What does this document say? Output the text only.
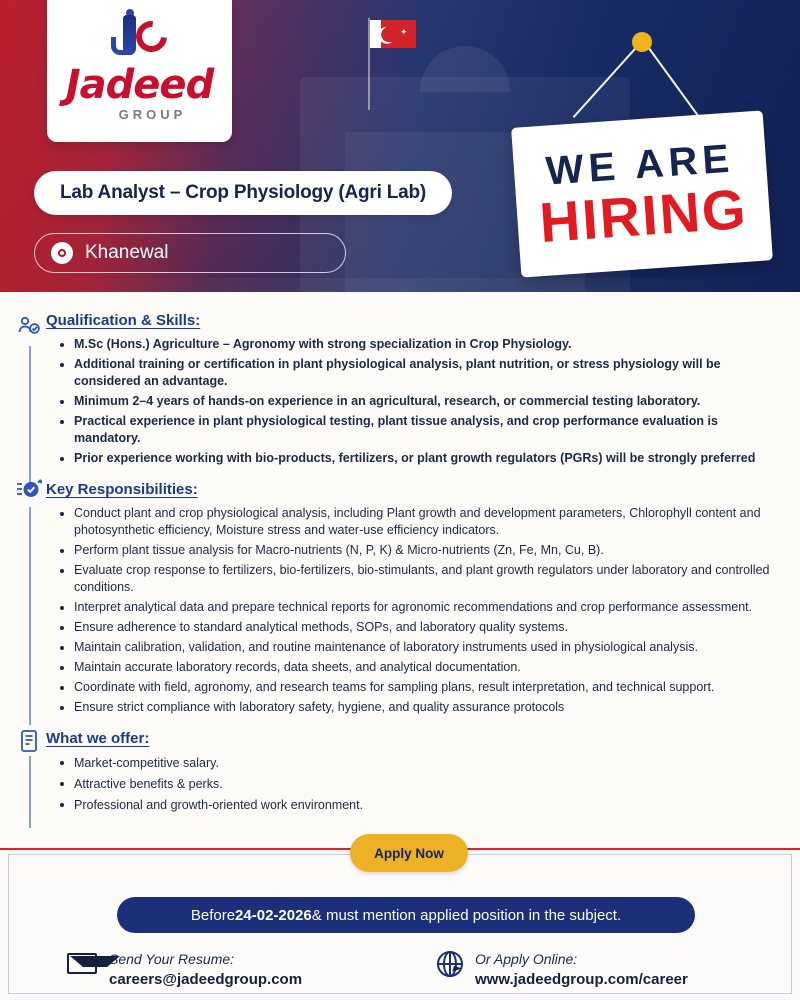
✦
Jadeed
GROUP
Lab Analyst – Crop Physiology (Agri Lab)
Khanewal
WE ARE
HIRING
Qualification & Skills:
M.Sc (Hons.) Agriculture – Agronomy with strong specialization in Crop Physiology.
Additional training or certification in plant physiological analysis, plant nutrition, or stress physiology will be considered an advantage.
Minimum 2–4 years of hands-on experience in an agricultural, research, or commercial testing laboratory.
Practical experience in plant physiological testing, plant tissue analysis, and crop performance evaluation is mandatory.
Prior experience working with bio-products, fertilizers, or plant growth regulators (PGRs) will be strongly preferred
Key Responsibilities:
Conduct plant and crop physiological analysis, including Plant growth and development parameters, Chlorophyll content and photosynthetic efficiency, Moisture stress and water-use efficiency indicators.
Perform plant tissue analysis for Macro-nutrients (N, P, K) & Micro-nutrients (Zn, Fe, Mn, Cu, B).
Evaluate crop response to fertilizers, bio-fertilizers, bio-stimulants, and plant growth regulators under laboratory and controlled conditions.
Interpret analytical data and prepare technical reports for agronomic recommendations and crop performance assessment.
Ensure adherence to standard analytical methods, SOPs, and laboratory quality systems.
Maintain calibration, validation, and routine maintenance of laboratory instruments used in physiological analysis.
Maintain accurate laboratory records, data sheets, and analytical documentation.
Coordinate with field, agronomy, and research teams for sampling plans, result interpretation, and technical support.
Ensure strict compliance with laboratory safety, hygiene, and quality assurance protocols
What we offer:
Market-competitive salary.
Attractive benefits & perks.
Professional and growth-oriented work environment.
Apply Now
Before 24-02-2026 & must mention applied position in the subject.
Send Your Resume:
careers@jadeedgroup.com
Or Apply Online:
www.jadeedgroup.com/career
